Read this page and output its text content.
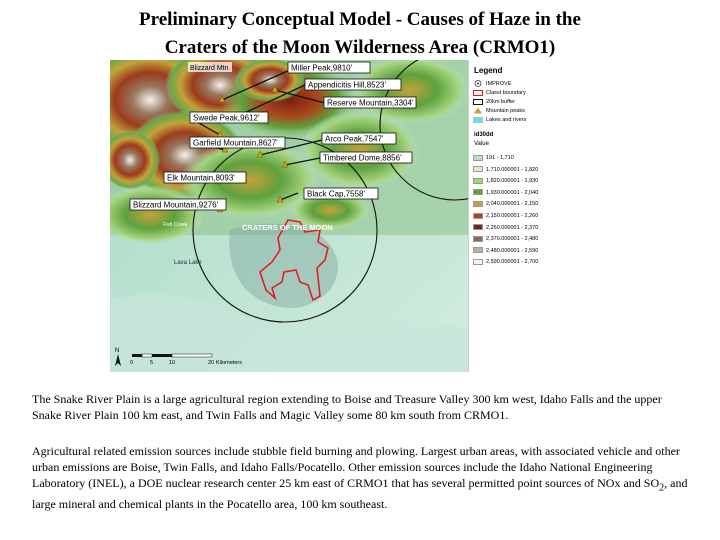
Preliminary Conceptual Model - Causes of Haze in the
Craters of the Moon Wilderness Area (CRMO1)
Miller Peak,9810'
Appendicitis Hill,8523'
Reserve Mountain,3304'
Swede Peak,9612'
Garfield Mountain,8627'	Arco Peak,7547'
Timbered Dome,8856'
Elk Mountain,8093'
Black Cap,7558'
Blizzard Mountain,9276'
Blizzard Mtn
CRATERS OF THE MOON
Lava Lake
Fish Creek
N
0	5	10	20 Kilometers
Legend
IMPROVE
ClassI boundary
20km buffer
Mountain peaks
Lakes and rivers
id30dd
Value
191 - 1,710
1,710.000001 - 1,820
1,820.000001 - 1,930
1,930.000001 - 2,040
2,040.000001 - 2,150
2,150.000001 - 2,260
2,260.000001 - 2,370
2,370.000001 - 2,480
2,480.000001 - 2,590
2,590.000001 - 2,700
The Snake River Plain is a large agricultural region extending to Boise and Treasure Valley 300 km west, Idaho Falls and the upper Snake River Plain 100 km east, and Twin Falls and Magic Valley some 80 km south from CRMO1.
Agricultural related emission sources include stubble field burning and plowing. Largest urban areas, with associated vehicle and other urban emissions are Boise, Twin Falls, and Idaho Falls/Pocatello. Other emission sources include the Idaho National Engineering Laboratory (INEL), a DOE nuclear research center 25 km east of CRMO1 that has several permitted point sources of NOx and $SO_2$, and large mineral and chemical plants in the Pocatello area, 100 km southeast.
